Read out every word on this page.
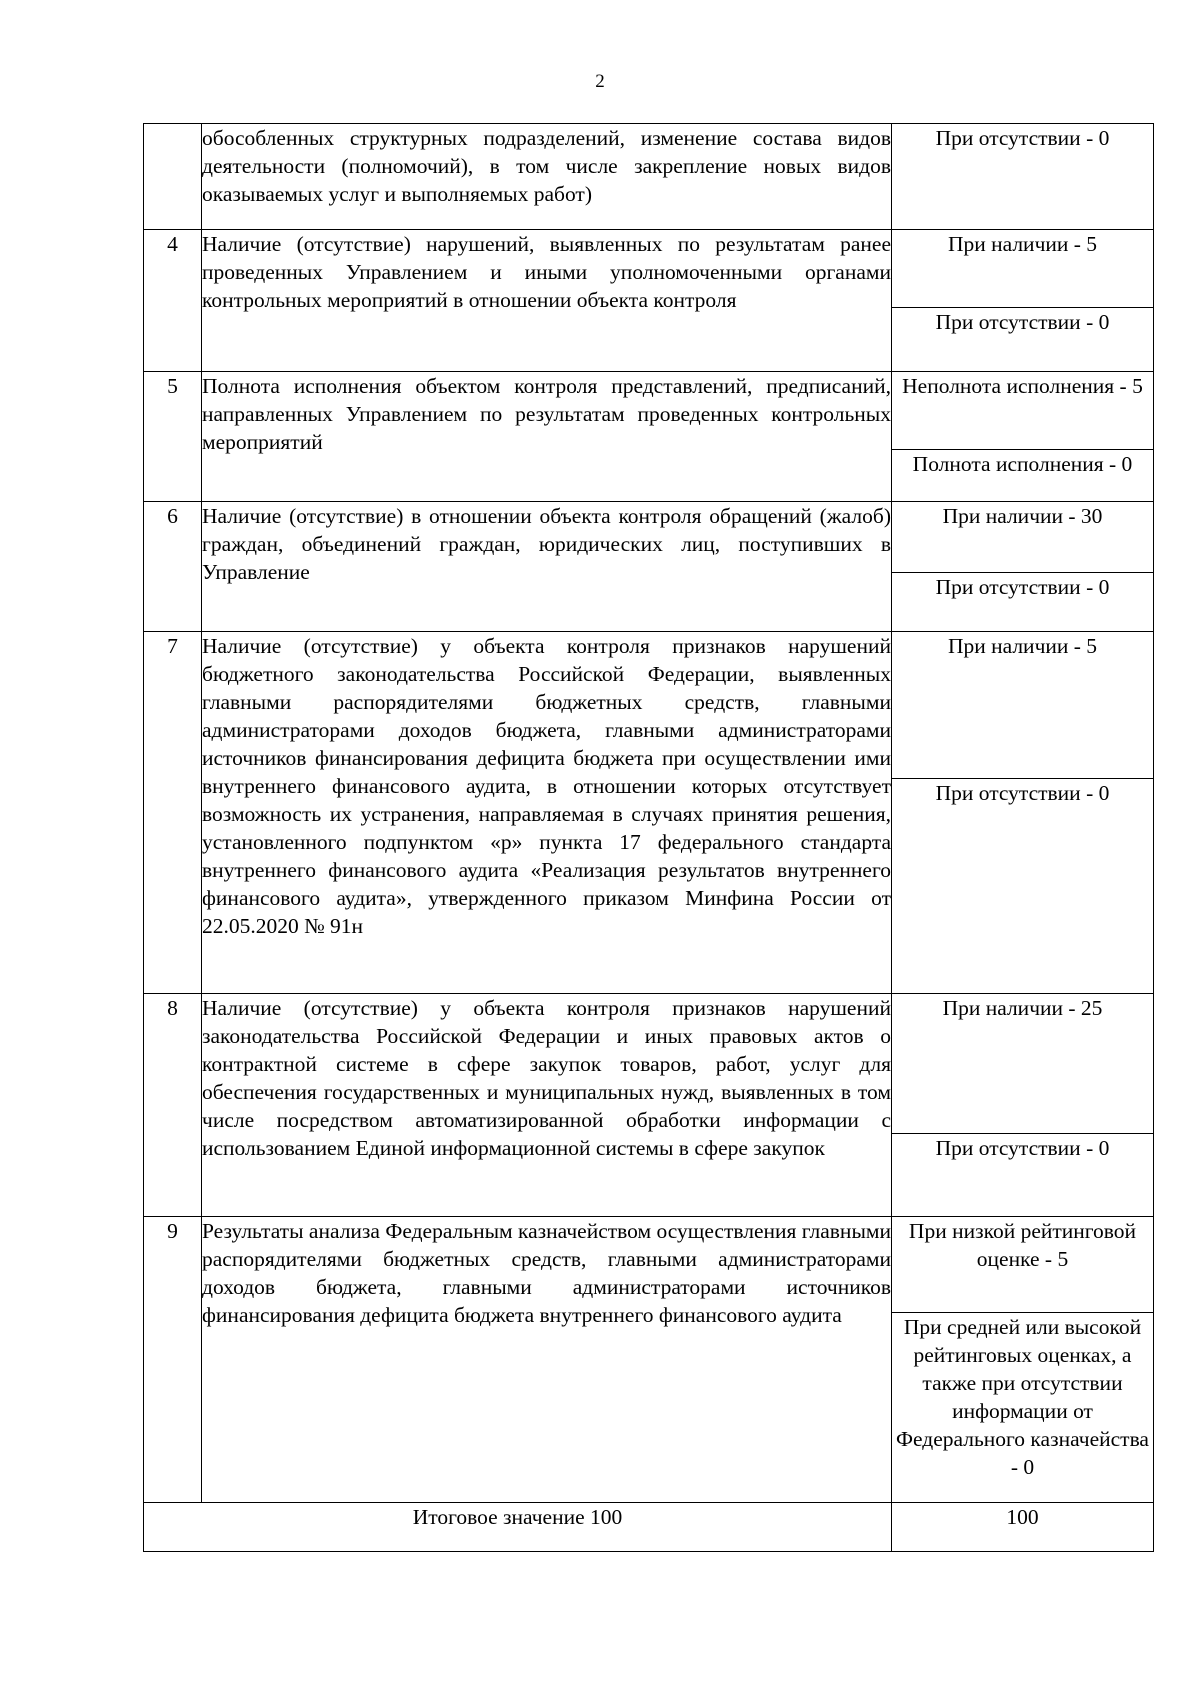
2
	обособленных структурных подразделений, изменение состава видов деятельности (полномочий), в том числе закрепление новых видов оказываемых услуг и выполняемых работ)	При отсутствии - 0
4	Наличие (отсутствие) нарушений, выявленных по результатам ранее проведенных Управлением и иными уполномоченными органами контрольных мероприятий в отношении объекта контроля	При наличии - 5
		При отсутствии - 0
5	Полнота исполнения объектом контроля представлений, предписаний, направленных Управлением по результатам проведенных контрольных мероприятий	Неполнота исполнения - 5
		Полнота исполнения - 0
6	Наличие (отсутствие) в отношении объекта контроля обращений (жалоб) граждан, объединений граждан, юридических лиц, поступивших в Управление	При наличии - 30
		При отсутствии - 0
7	Наличие (отсутствие) у объекта контроля признаков нарушений бюджетного законодательства Российской Федерации, выявленных главными распорядителями бюджетных средств, главными администраторами доходов бюджета, главными администраторами источников финансирования дефицита бюджета при осуществлении ими внутреннего финансового аудита, в отношении которых отсутствует возможность их устранения, направляемая в случаях принятия решения, установленного подпунктом «р» пункта 17 федерального стандарта внутреннего финансового аудита «Реализация результатов внутреннего финансового аудита», утвержденного приказом Минфина России от 22.05.2020 № 91н	При наличии - 5
		При отсутствии - 0
8	Наличие (отсутствие) у объекта контроля признаков нарушений законодательства Российской Федерации и иных правовых актов о контрактной системе в сфере закупок товаров, работ, услуг для обеспечения государственных и муниципальных нужд, выявленных в том числе посредством автоматизированной обработки информации с использованием Единой информационной системы в сфере закупок	При наличии - 25
		При отсутствии - 0
9	Результаты анализа Федеральным казначейством осуществления главными распорядителями бюджетных средств, главными администраторами доходов бюджета, главными администраторами источников финансирования дефицита бюджета внутреннего финансового аудита	При низкой рейтинговой оценке - 5
		При средней или высокой рейтинговых оценках, а также при отсутствии информации от Федерального казначейства - 0
Итоговое значение 100		100
